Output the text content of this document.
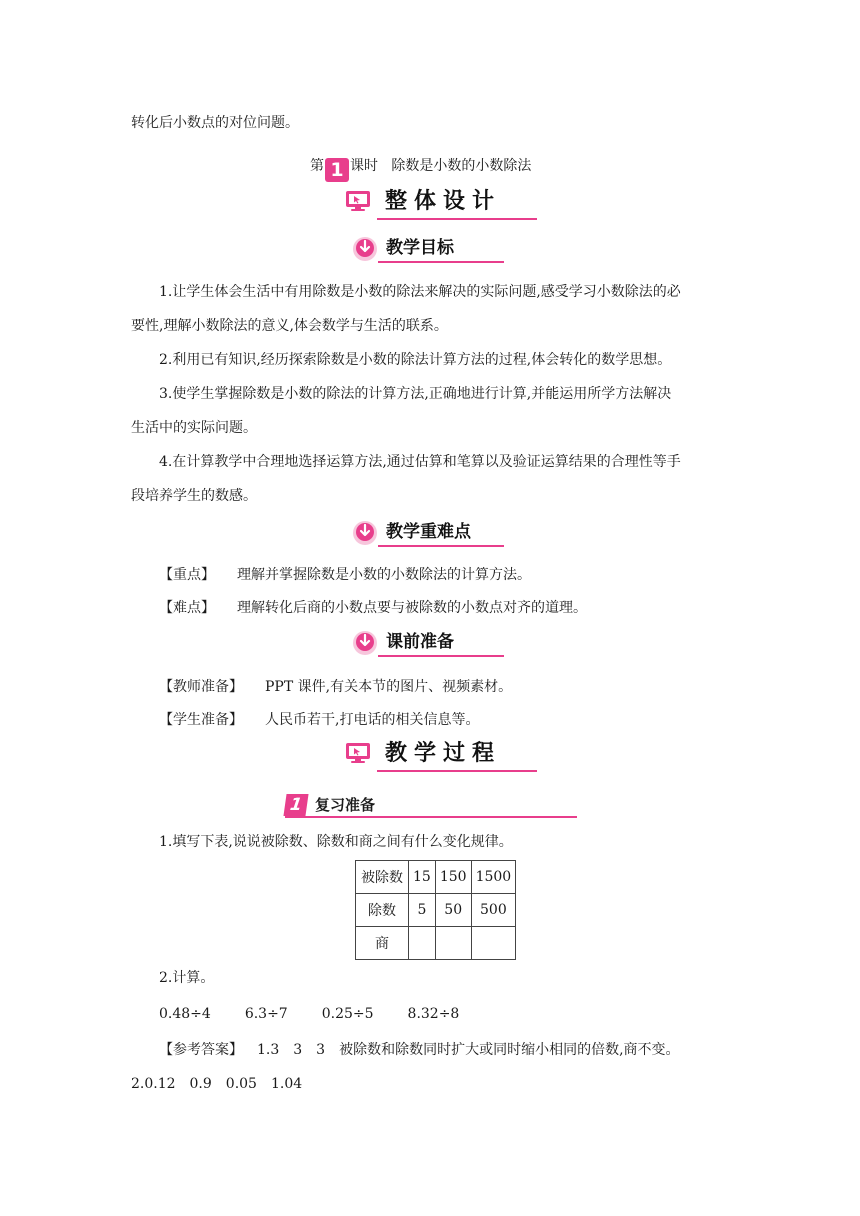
转化后小数点的对位问题。
第 1 课时 除数是小数的小数除法
整体设计
教学目标
1.让学生体会生活中有用除数是小数的除法来解决的实际问题,感受学习小数除法的必
要性,理解小数除法的意义,体会数学与生活的联系。
2.利用已有知识,经历探索除数是小数的除法计算方法的过程,体会转化的数学思想。
3.使学生掌握除数是小数的除法的计算方法,正确地进行计算,并能运用所学方法解决
生活中的实际问题。
4.在计算教学中合理地选择运算方法,通过估算和笔算以及验证运算结果的合理性等手
段培养学生的数感。
教学重难点
【重点】 理解并掌握除数是小数的小数除法的计算方法。
【难点】 理解转化后商的小数点要与被除数的小数点对齐的道理。
课前准备
【教师准备】 PPT 课件,有关本节的图片、视频素材。
【学生准备】 人民币若干,打电话的相关信息等。
教学过程
1 复习准备
1.填写下表,说说被除数、除数和商之间有什么变化规律。
被除数	15	150	1500
除数	5	50	500
商			
2.计算。
0.48÷4 6.3÷7 0.25÷5 8.32÷8
【参考答案】 1.3　3　3　被除数和除数同时扩大或同时缩小相同的倍数,商不变。
2.0.12　0.9　0.05　1.04
